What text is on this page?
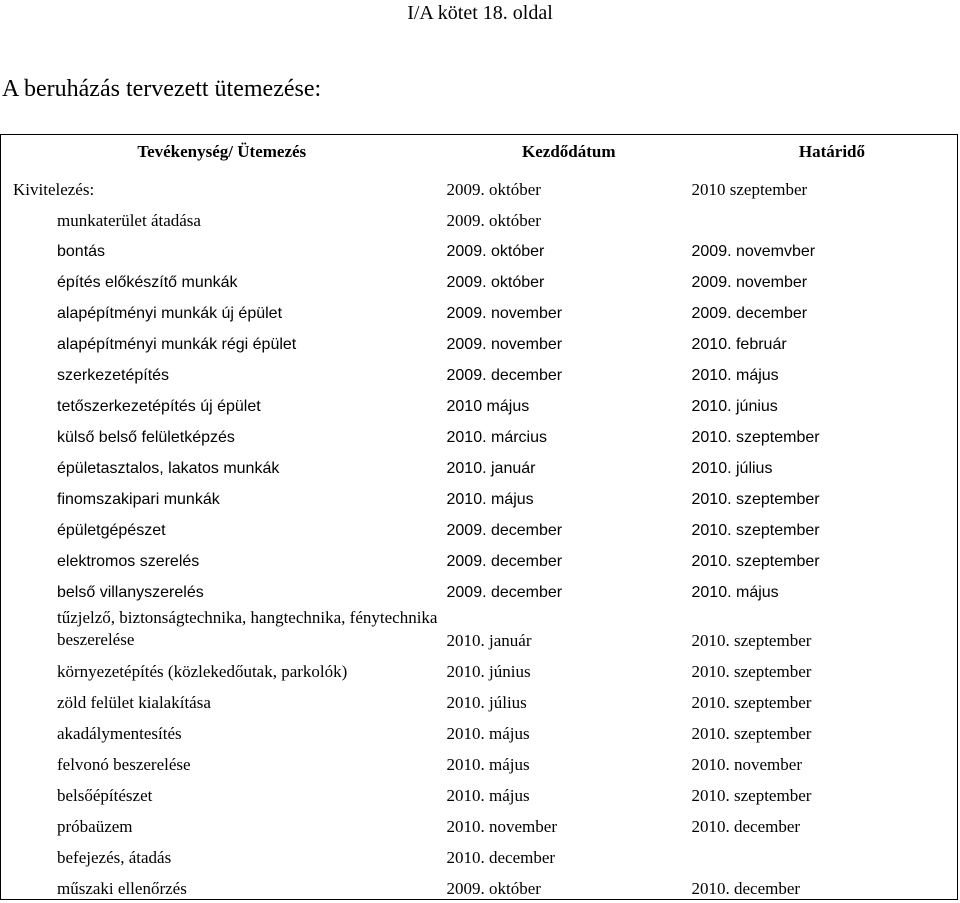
I/A kötet 18. oldal
A beruházás tervezett ütemezése:
Tevékenység/ Ütemezés	Kezdődátum	Határidő
Kivitelezés:	2009. október	2010 szeptember
munkaterület átadása	2009. október	
bontás	2009. október	2009. novemvber
építés előkészítő munkák	2009. október	2009. november
alapépítményi munkák új épület	2009. november	2009. december
alapépítményi munkák régi épület	2009. november	2010. február
szerkezetépítés	2009. december	2010. május
tetőszerkezetépítés új épület	2010 május	2010. június
külső belső felületképzés	2010. március	2010. szeptember
épületasztalos, lakatos munkák	2010. január	2010. július
finomszakipari munkák	2010. május	2010. szeptember
épületgépészet	2009. december	2010. szeptember
elektromos szerelés	2009. december	2010. szeptember
belső villanyszerelés	2009. december	2010. május
tűzjelző, biztonságtechnika, hangtechnika, fénytechnika beszerelése	2010. január	2010. szeptember
környezetépítés (közlekedőutak, parkolók)	2010. június	2010. szeptember
zöld felület kialakítása	2010. július	2010. szeptember
akadálymentesítés	2010. május	2010. szeptember
felvonó beszerelése	2010. május	2010. november
belsőépítészet	2010. május	2010. szeptember
próbaüzem	2010. november	2010. december
befejezés, átadás	2010. december	
műszaki ellenőrzés	2009. október	2010. december
